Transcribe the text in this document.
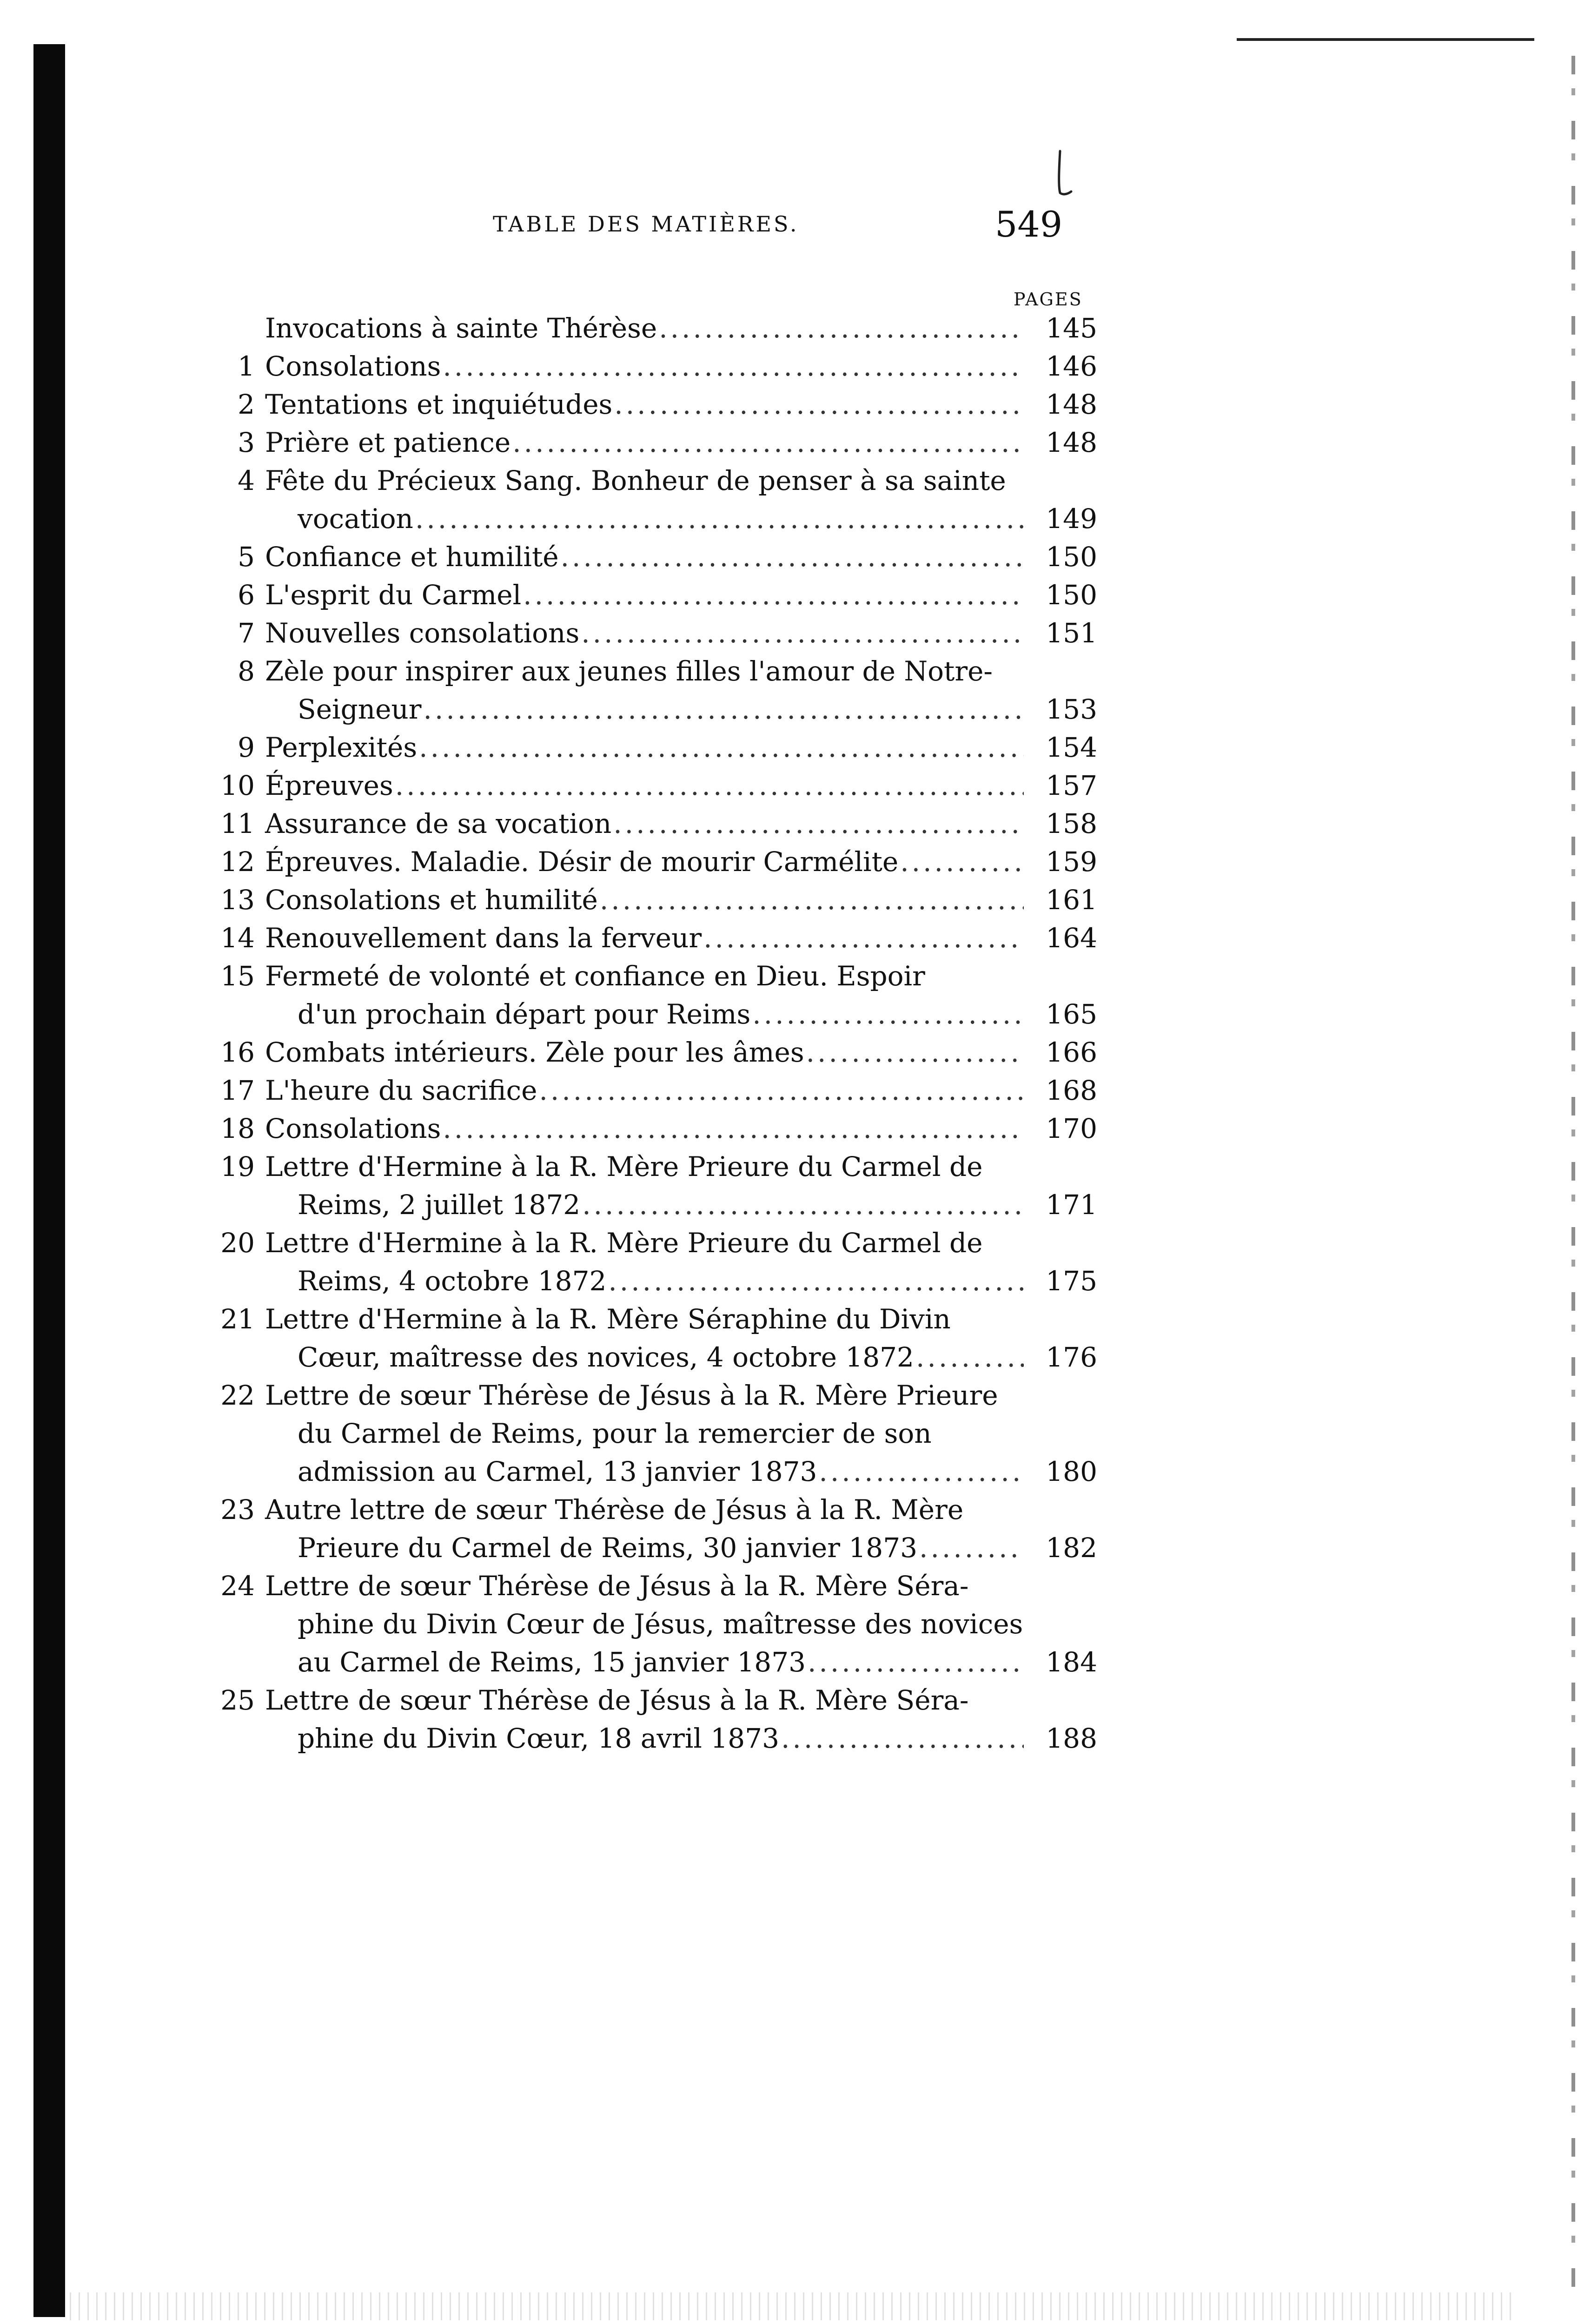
TABLE DES MATIÈRES.	549
PAGES
Invocations à sainte Thérèse .....	145
1 Consolations .....	146
2 Tentations et inquiétudes .....	148
3 Prière et patience .....	148
4 Fête du Précieux Sang. Bonheur de penser à sa sainte
vocation .....	149
5 Confiance et humilité .....	150
6 L'esprit du Carmel .....	150
7 Nouvelles consolations .....	151
8 Zèle pour inspirer aux jeunes filles l'amour de Notre-
Seigneur .....	153
9 Perplexités .....	154
10 Épreuves .....	157
11 Assurance de sa vocation .....	158
12 Épreuves. Maladie. Désir de mourir Carmélite .....	159
13 Consolations et humilité .....	161
14 Renouvellement dans la ferveur .....	164
15 Fermeté de volonté et confiance en Dieu. Espoir
d'un prochain départ pour Reims .....	165
16 Combats intérieurs. Zèle pour les âmes .....	166
17 L'heure du sacrifice .....	168
18 Consolations .....	170
19 Lettre d'Hermine à la R. Mère Prieure du Carmel de
Reims, 2 juillet 1872 .....	171
20 Lettre d'Hermine à la R. Mère Prieure du Carmel de
Reims, 4 octobre 1872 .....	175
21 Lettre d'Hermine à la R. Mère Séraphine du Divin
Cœur, maîtresse des novices, 4 octobre 1872 .....	176
22 Lettre de sœur Thérèse de Jésus à la R. Mère Prieure
du Carmel de Reims, pour la remercier de son
admission au Carmel, 13 janvier 1873 .....	180
23 Autre lettre de sœur Thérèse de Jésus à la R. Mère
Prieure du Carmel de Reims, 30 janvier 1873 .....	182
24 Lettre de sœur Thérèse de Jésus à la R. Mère Séra-
phine du Divin Cœur de Jésus, maîtresse des novices
au Carmel de Reims, 15 janvier 1873 .....	184
25 Lettre de sœur Thérèse de Jésus à la R. Mère Séra-
phine du Divin Cœur, 18 avril 1873 .....	188
